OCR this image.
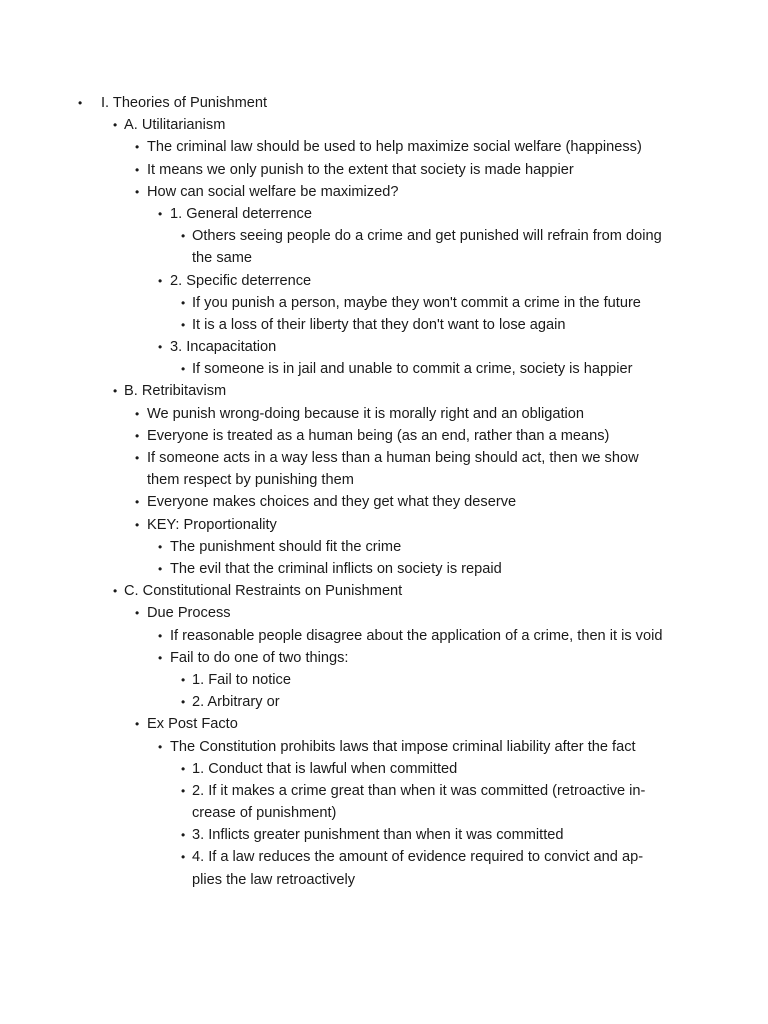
• I. Theories of Punishment
• A. Utilitarianism
• The criminal law should be used to help maximize social welfare (happiness)
• It means we only punish to the extent that society is made happier
• How can social welfare be maximized?
• 1. General deterrence
• Others seeing people do a crime and get punished will refrain from doing
the same
• 2. Specific deterrence
• If you punish a person, maybe they won't commit a crime in the future
• It is a loss of their liberty that they don't want to lose again
• 3. Incapacitation
• If someone is in jail and unable to commit a crime, society is happier
• B. Retribitavism
• We punish wrong-doing because it is morally right and an obligation
• Everyone is treated as a human being (as an end, rather than a means)
• If someone acts in a way less than a human being should act, then we show
them respect by punishing them
• Everyone makes choices and they get what they deserve
• KEY: Proportionality
• The punishment should fit the crime
• The evil that the criminal inflicts on society is repaid
• C. Constitutional Restraints on Punishment
• Due Process
• If reasonable people disagree about the application of a crime, then it is void
• Fail to do one of two things:
• 1. Fail to notice
• 2. Arbitrary or
• Ex Post Facto
• The Constitution prohibits laws that impose criminal liability after the fact
• 1. Conduct that is lawful when committed
• 2. If it makes a crime great than when it was committed (retroactive in-
crease of punishment)
• 3. Inflicts greater punishment than when it was committed
• 4. If a law reduces the amount of evidence required to convict and ap-
plies the law retroactively
